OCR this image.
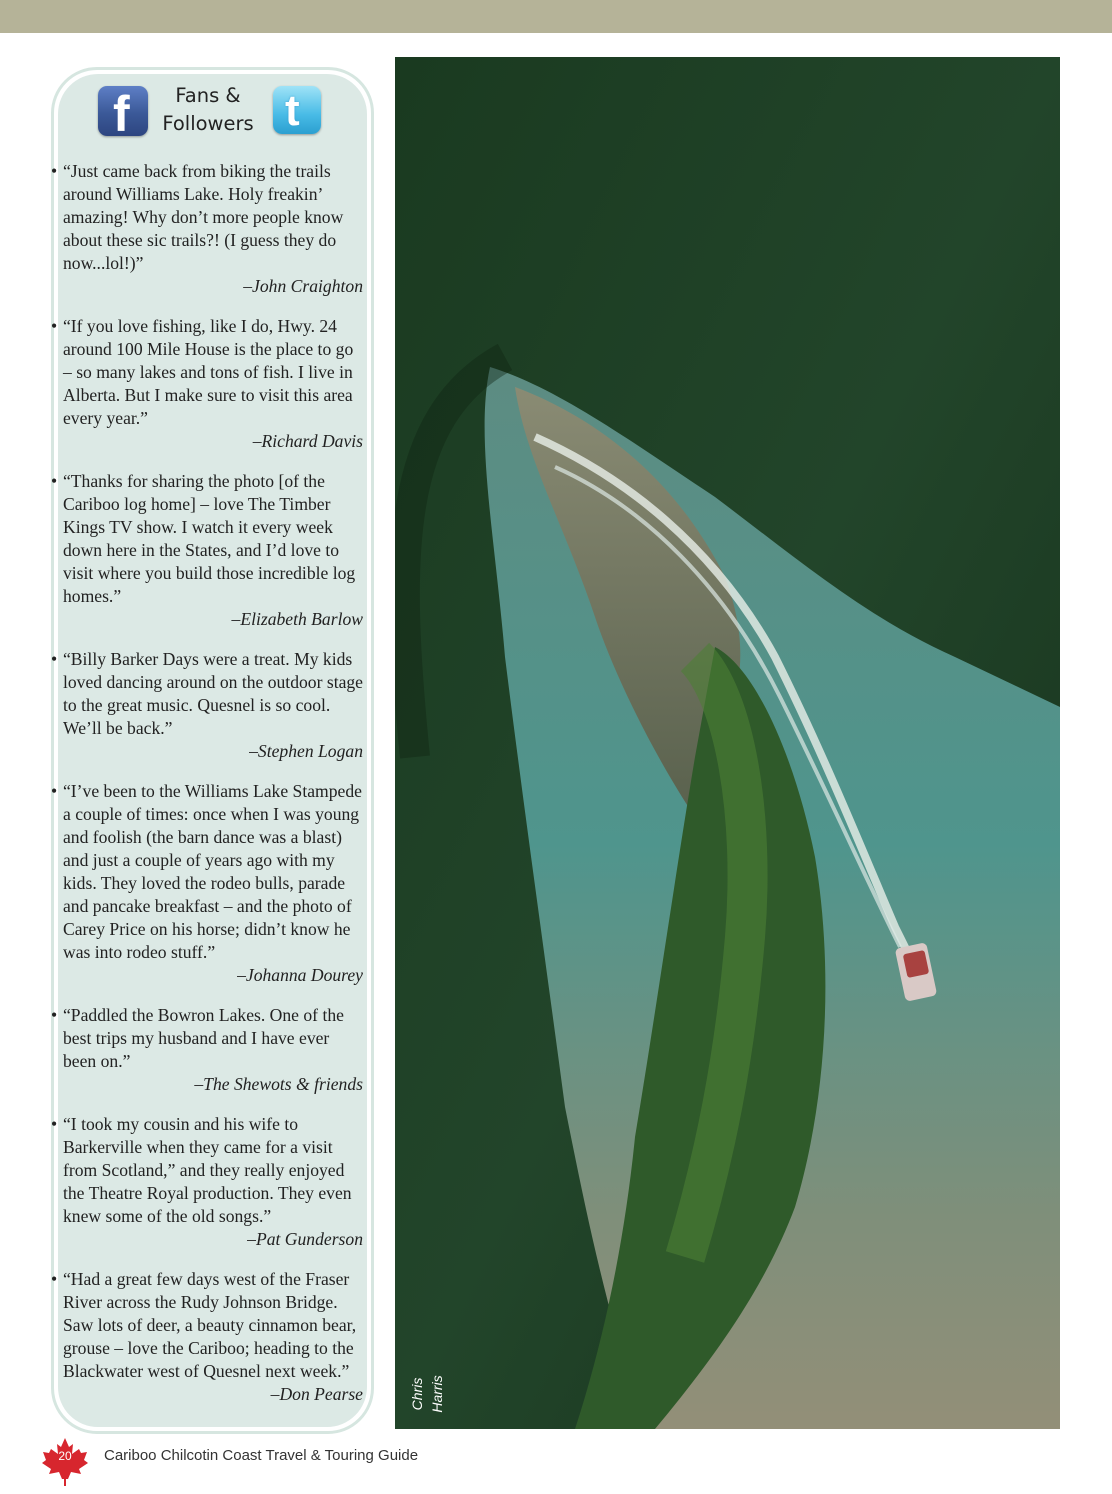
f	Fans &
Followers t
• “Just came back from biking the trails around Williams Lake. Holy freakin’ amazing! Why don’t more people know about these sic trails?! (I guess they do now...lol!)”
–John Craighton
• “If you love fishing, like I do, Hwy. 24 around 100 Mile House is the place to go – so many lakes and tons of fish. I live in Alberta. But I make sure to visit this area every year.”
–Richard Davis
• “Thanks for sharing the photo [of the Cariboo log home] – love The Timber Kings TV show. I watch it every week down here in the States, and I’d love to visit where you build those incredible log homes.”
–Elizabeth Barlow
• “Billy Barker Days were a treat. My kids loved dancing around on the outdoor stage to the great music. Quesnel is so cool. We’ll be back.”
–Stephen Logan
• “I’ve been to the Williams Lake Stampede a couple of times: once when I was young and foolish (the barn dance was a blast) and just a couple of years ago with my kids. They loved the rodeo bulls, parade and pancake breakfast – and the photo of Carey Price on his horse; didn’t know he was into rodeo stuff.”
–Johanna Dourey
• “Paddled the Bowron Lakes. One of the best trips my husband and I have ever been on.”
–The Shewots & friends
• “I took my cousin and his wife to Barkerville when they came for a visit from Scotland,” and they really enjoyed the Theatre Royal production. They even knew some of the old songs.”
–Pat Gunderson
• “Had a great few days west of the Fraser River across the Rudy Johnson Bridge. Saw lots of deer, a beauty cinnamon bear, grouse – love the Cariboo; heading to the Blackwater west of Quesnel next week.”
–Don Pearse	Chris Harris
20 Cariboo Chilcotin Coast Travel & Touring Guide
